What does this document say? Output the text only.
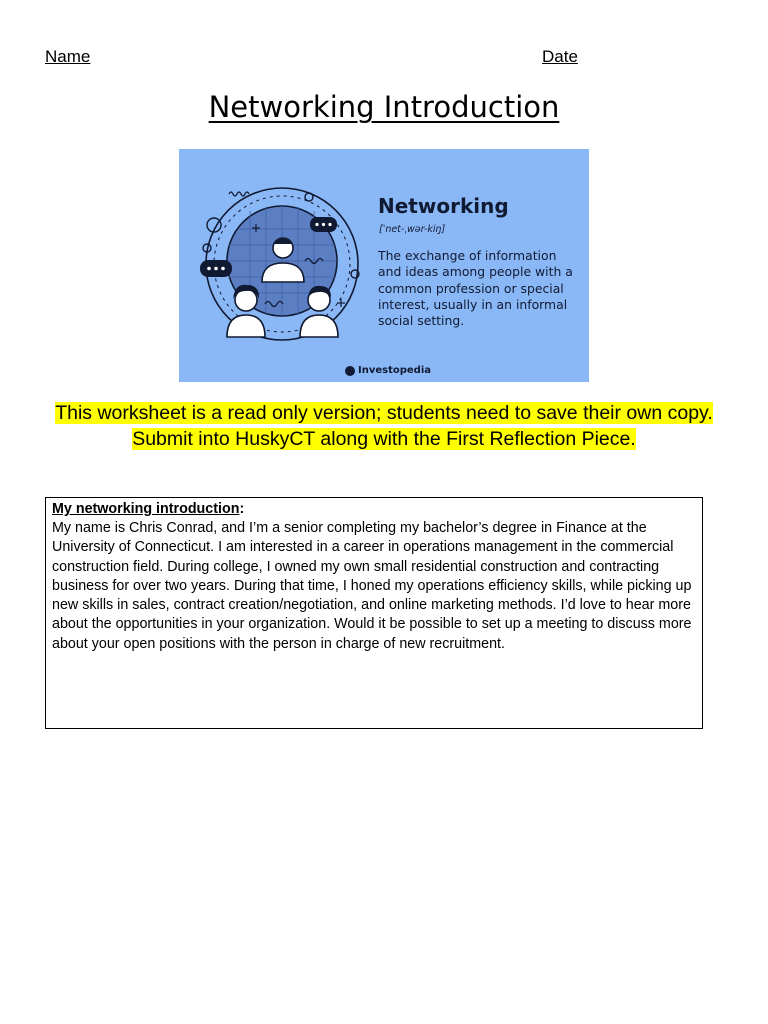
Name	Date
Networking Introduction
Networking
[ˈnet-ˌwər-kiŋ]
The exchange of information and ideas among people with a common profession or special interest, usually in an informal social setting.
Investopedia
This worksheet is a read only version; students need to save their own copy. Submit into HuskyCT along with the First Reflection Piece.
My networking introduction:
My name is Chris Conrad, and I’m a senior completing my bachelor’s degree in Finance at the University of Connecticut. I am interested in a career in operations management in the commercial construction field. During college, I owned my own small residential construction and contracting business for over two years. During that time, I honed my operations efficiency skills, while picking up new skills in sales, contract creation/negotiation, and online marketing methods. I’d love to hear more about the opportunities in your organization. Would it be possible to set up a meeting to discuss more about your open positions with the person in charge of new recruitment.
